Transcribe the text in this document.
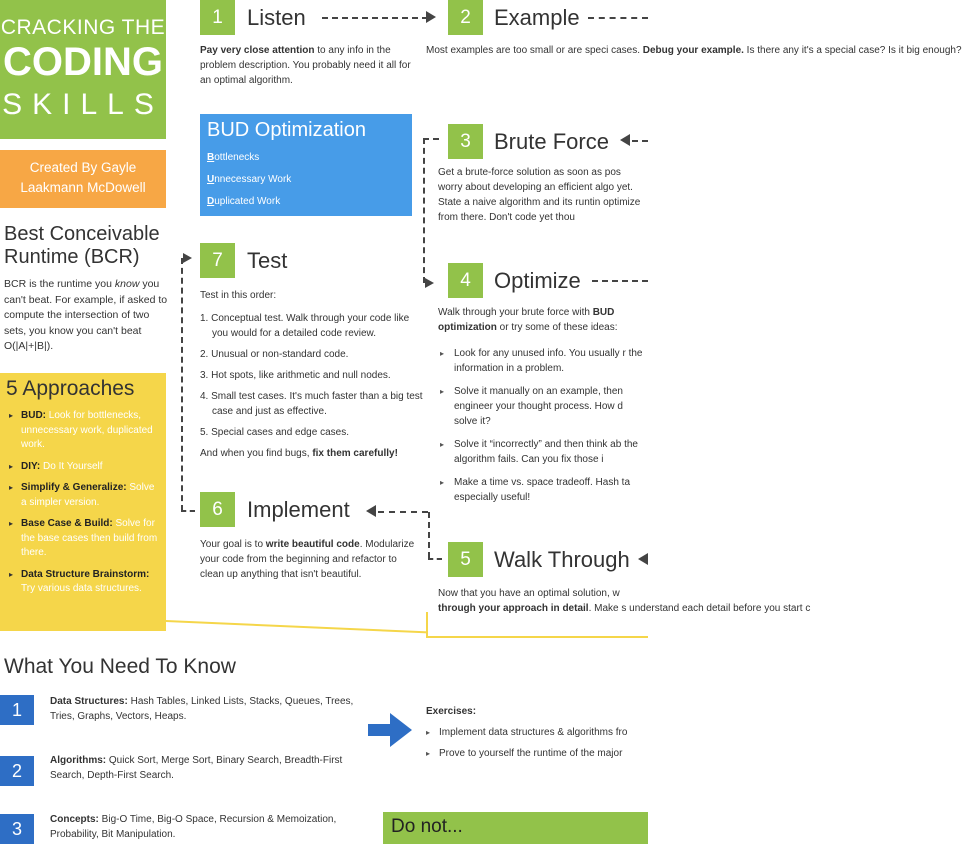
CRACKING THE
CODING
SKILLS
Created By Gayle
Laakmann McDowell
Best Conceivable
Runtime (BCR)
BCR is the runtime you know you can't beat. For example, if asked to compute the intersection of two sets, you know you can't beat O(|A|+|B|).
5 Approaches
▸ BUD: Look for bottlenecks, unnecessary work, duplicated work.
▸ DIY: Do It Yourself
▸ Simplify & Generalize: Solve a simpler version.
▸ Base Case & Build: Solve for the base cases then build from there.
▸ Data Structure Brainstorm: Try various data structures.
1	Listen
Pay very close attention to any info in the problem description. You probably need it all for an optimal algorithm.
2	Example
Most examples are too small or are speci cases. Debug your example. Is there any it's a special case? Is it big enough?
BUD Optimization
Bottlenecks
Unnecessary Work
Duplicated Work
3	Brute Force
Get a brute-force solution as soon as pos worry about developing an efficient algo yet. State a naive algorithm and its runtin optimize from there. Don't code yet thou
4	Optimize
Walk through your brute force with BUD
optimization or try some of these ideas:
▸ Look for any unused info. You usually r the information in a problem.
▸ Solve it manually on an example, then engineer your thought process. How d solve it?
▸ Solve it “incorrectly” and then think ab the algorithm fails. Can you fix those i
▸ Make a time vs. space tradeoff. Hash ta especially useful!
5	Walk Through
Now that you have an optimal solution, w
through your approach in detail. Make s understand each detail before you start c
6	Implement
Your goal is to write beautiful code. Modularize your code from the beginning and refactor to clean up anything that isn't beautiful.
7	Test
Test in this order:
1. Conceptual test. Walk through your code like you would for a detailed code review.
2. Unusual or non-standard code.
3. Hot spots, like arithmetic and null nodes.
4. Small test cases. It's much faster than a big test case and just as effective.
5. Special cases and edge cases.
And when you find bugs, fix them carefully!
What You Need To Know
1	Data Structures: Hash Tables, Linked Lists, Stacks, Queues, Trees, Tries, Graphs, Vectors, Heaps.
2
Algorithms: Quick Sort, Merge Sort, Binary Search, Breadth-First Search, Depth-First Search.
3	Concepts: Big-O Time, Big-O Space, Recursion & Memoization, Probability, Bit Manipulation.
Exercises:
▸ Implement data structures & algorithms fro
▸ Prove to yourself the runtime of the major
Do not...
